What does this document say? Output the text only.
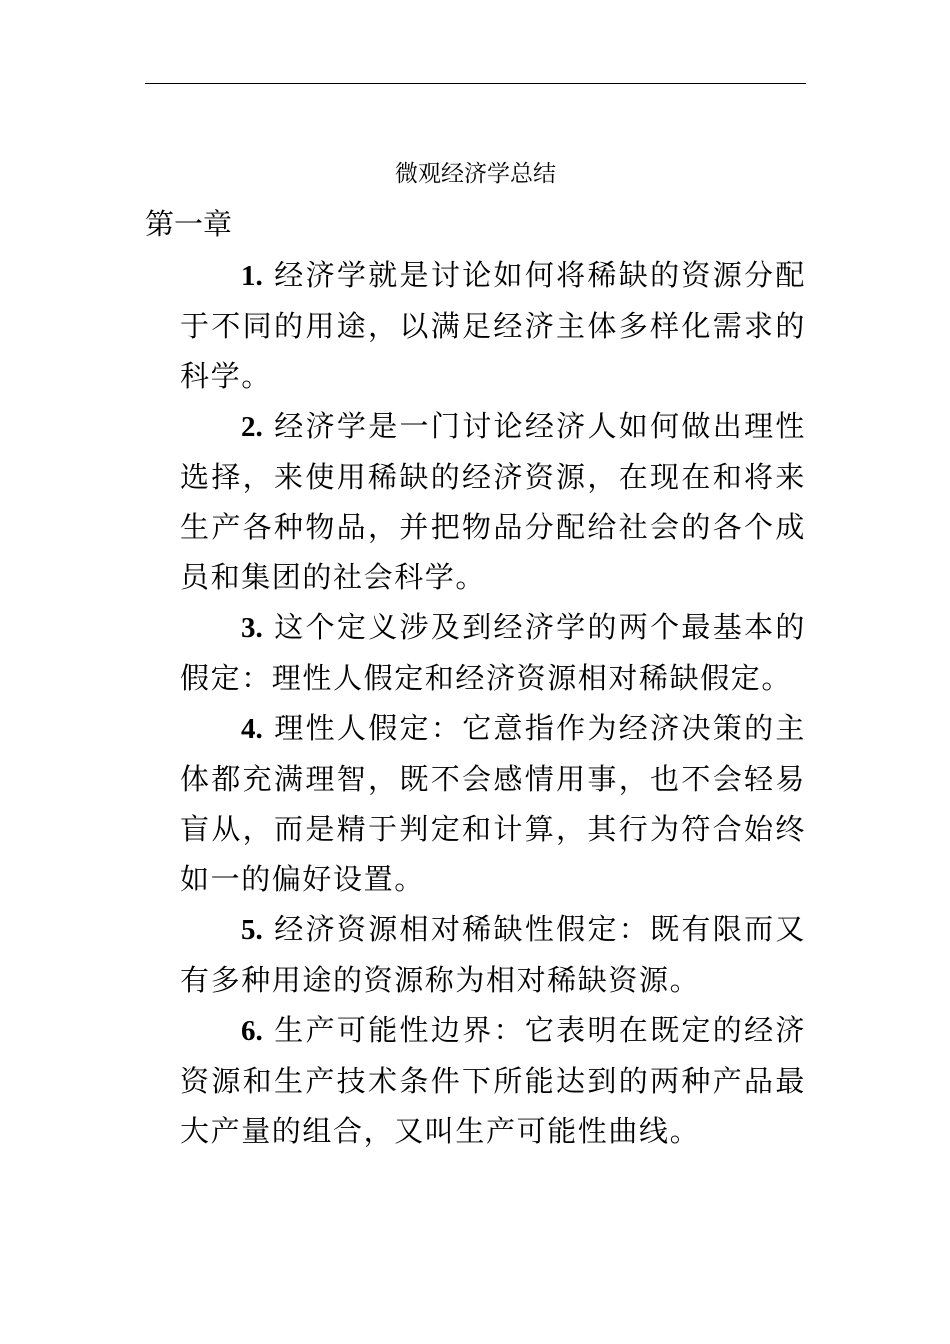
微观经济学总结
第一章

1. 经济学就是讨论如何将稀缺的资源分配于不同的用途，以满足经济主体多样化需求的科学。

2. 经济学是一门讨论经济人如何做出理性选择，来使用稀缺的经济资源，在现在和将来生产各种物品，并把物品分配给社会的各个成员和集团的社会科学。

3. 这个定义涉及到经济学的两个最基本的假定：理性人假定和经济资源相对稀缺假定。

4. 理性人假定：它意指作为经济决策的主体都充满理智，既不会感情用事，也不会轻易盲从，而是精于判定和计算，其行为符合始终如一的偏好设置。

5. 经济资源相对稀缺性假定：既有限而又有多种用途的资源称为相对稀缺资源。

6. 生产可能性边界：它表明在既定的经济资源和生产技术条件下所能达到的两种产品最大产量的组合，又叫生产可能性曲线。
